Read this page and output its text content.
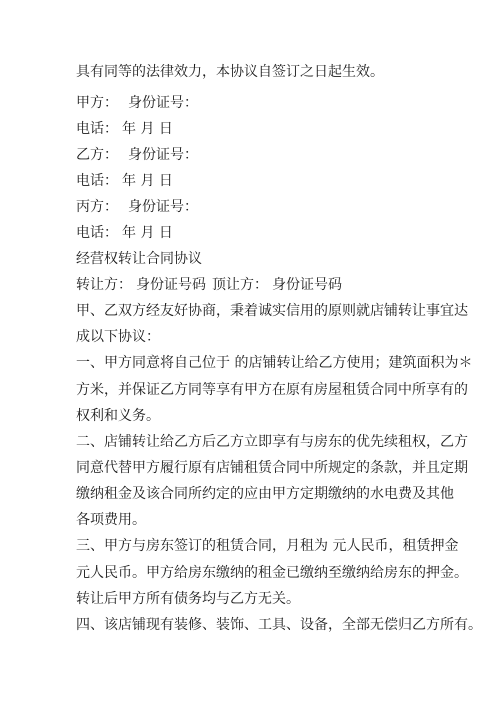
具有同等的法律效力，本协议自签订之日起生效。
甲方： 身份证号：
电话： 年 月 日
乙方： 身份证号：
电话： 年 月 日
丙方： 身份证号：
电话： 年 月 日
经营权转让合同协议
转让方： 身份证号码 顶让方： 身份证号码
甲、乙双方经友好协商，秉着诚实信用的原则就店铺转让事宜达
成以下协议：
一、甲方同意将自己位于 的店铺转让给乙方使用；建筑面积为＊
方米，并保证乙方同等享有甲方在原有房屋租赁合同中所享有的
权利和义务。
二、店铺转让给乙方后乙方立即享有与房东的优先续租权，乙方
同意代替甲方履行原有店铺租赁合同中所规定的条款，并且定期
缴纳租金及该合同所约定的应由甲方定期缴纳的水电费及其他
各项费用。
三、甲方与房东签订的租赁合同，月租为 元人民币，租赁押金
元人民币。甲方给房东缴纳的租金已缴纳至缴纳给房东的押金。
转让后甲方所有债务均与乙方无关。
四、该店铺现有装修、装饰、工具、设备，全部无偿归乙方所有。
